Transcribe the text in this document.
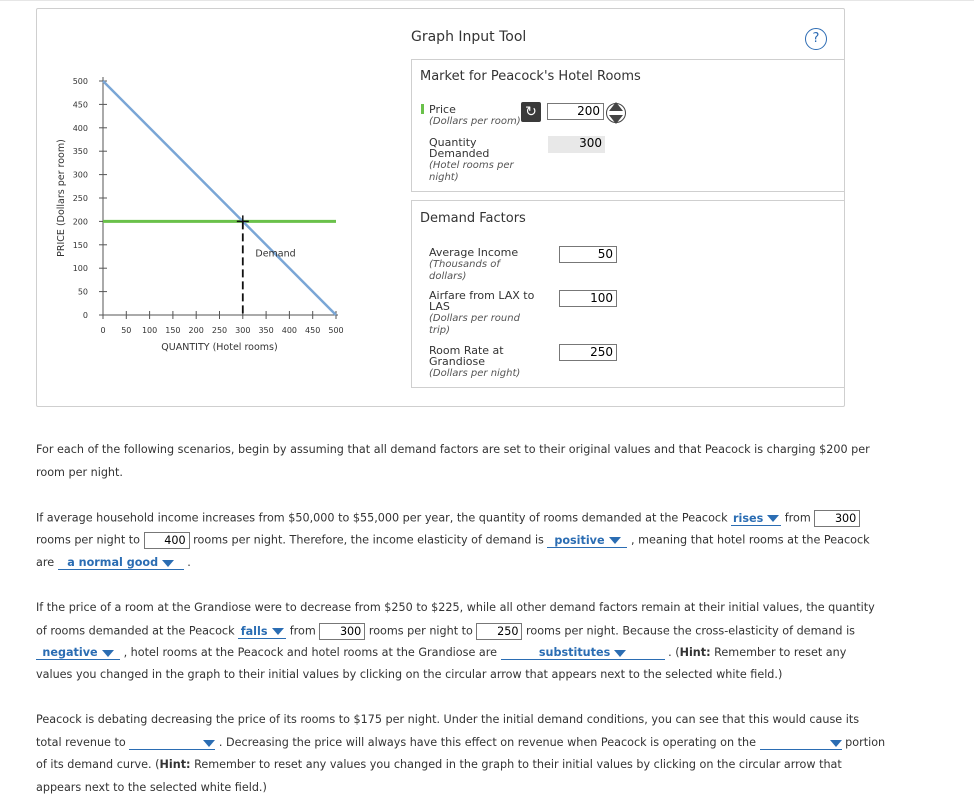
0
50
100
150
200
250
300
350
400
450
500
0 50 100 150 200 250 300 350 400 450 500
QUANTITY (Hotel rooms)
PRICE (Dollars per room)	Demand
Graph Input Tool	?
Market for Peacock's Hotel Rooms
Price
(Dollars per room)
↻	200
Quantity
Demanded
(Hotel rooms per
night)
300
Demand Factors
Average Income
(Thousands of
dollars)
50
Airfare from LAX to
LAS
(Dollars per round
trip)
100
Room Rate at
Grandiose
(Dollars per night)
250
For each of the following scenarios, begin by assuming that all demand factors are set to their original values and that Peacock is charging $200 per
room per night.
If average household income increases from $50,000 to $55,000 per year, the quantity of rooms demanded at the Peacock rises from 300
rooms per night to 400 rooms per night. Therefore, the income elasticity of demand is positive , meaning that hotel rooms at the Peacock
are a normal good	.
If the price of a room at the Grandiose were to decrease from $250 to $225, while all other demand factors remain at their initial values, the quantity
of rooms demanded at the Peacock falls from 300 rooms per night to 250 rooms per night. Because the cross-elasticity of demand is
negative , hotel rooms at the Peacock and hotel rooms at the Grandiose are	substitutes	. (Hint: Remember to reset any
values you changed in the graph to their initial values by clicking on the circular arrow that appears next to the selected white field.)
Peacock is debating decreasing the price of its rooms to $175 per night. Under the initial demand conditions, you can see that this would cause its
total revenue to	. Decreasing the price will always have this effect on revenue when Peacock is operating on the	portion
of its demand curve. (Hint: Remember to reset any values you changed in the graph to their initial values by clicking on the circular arrow that
appears next to the selected white field.)
